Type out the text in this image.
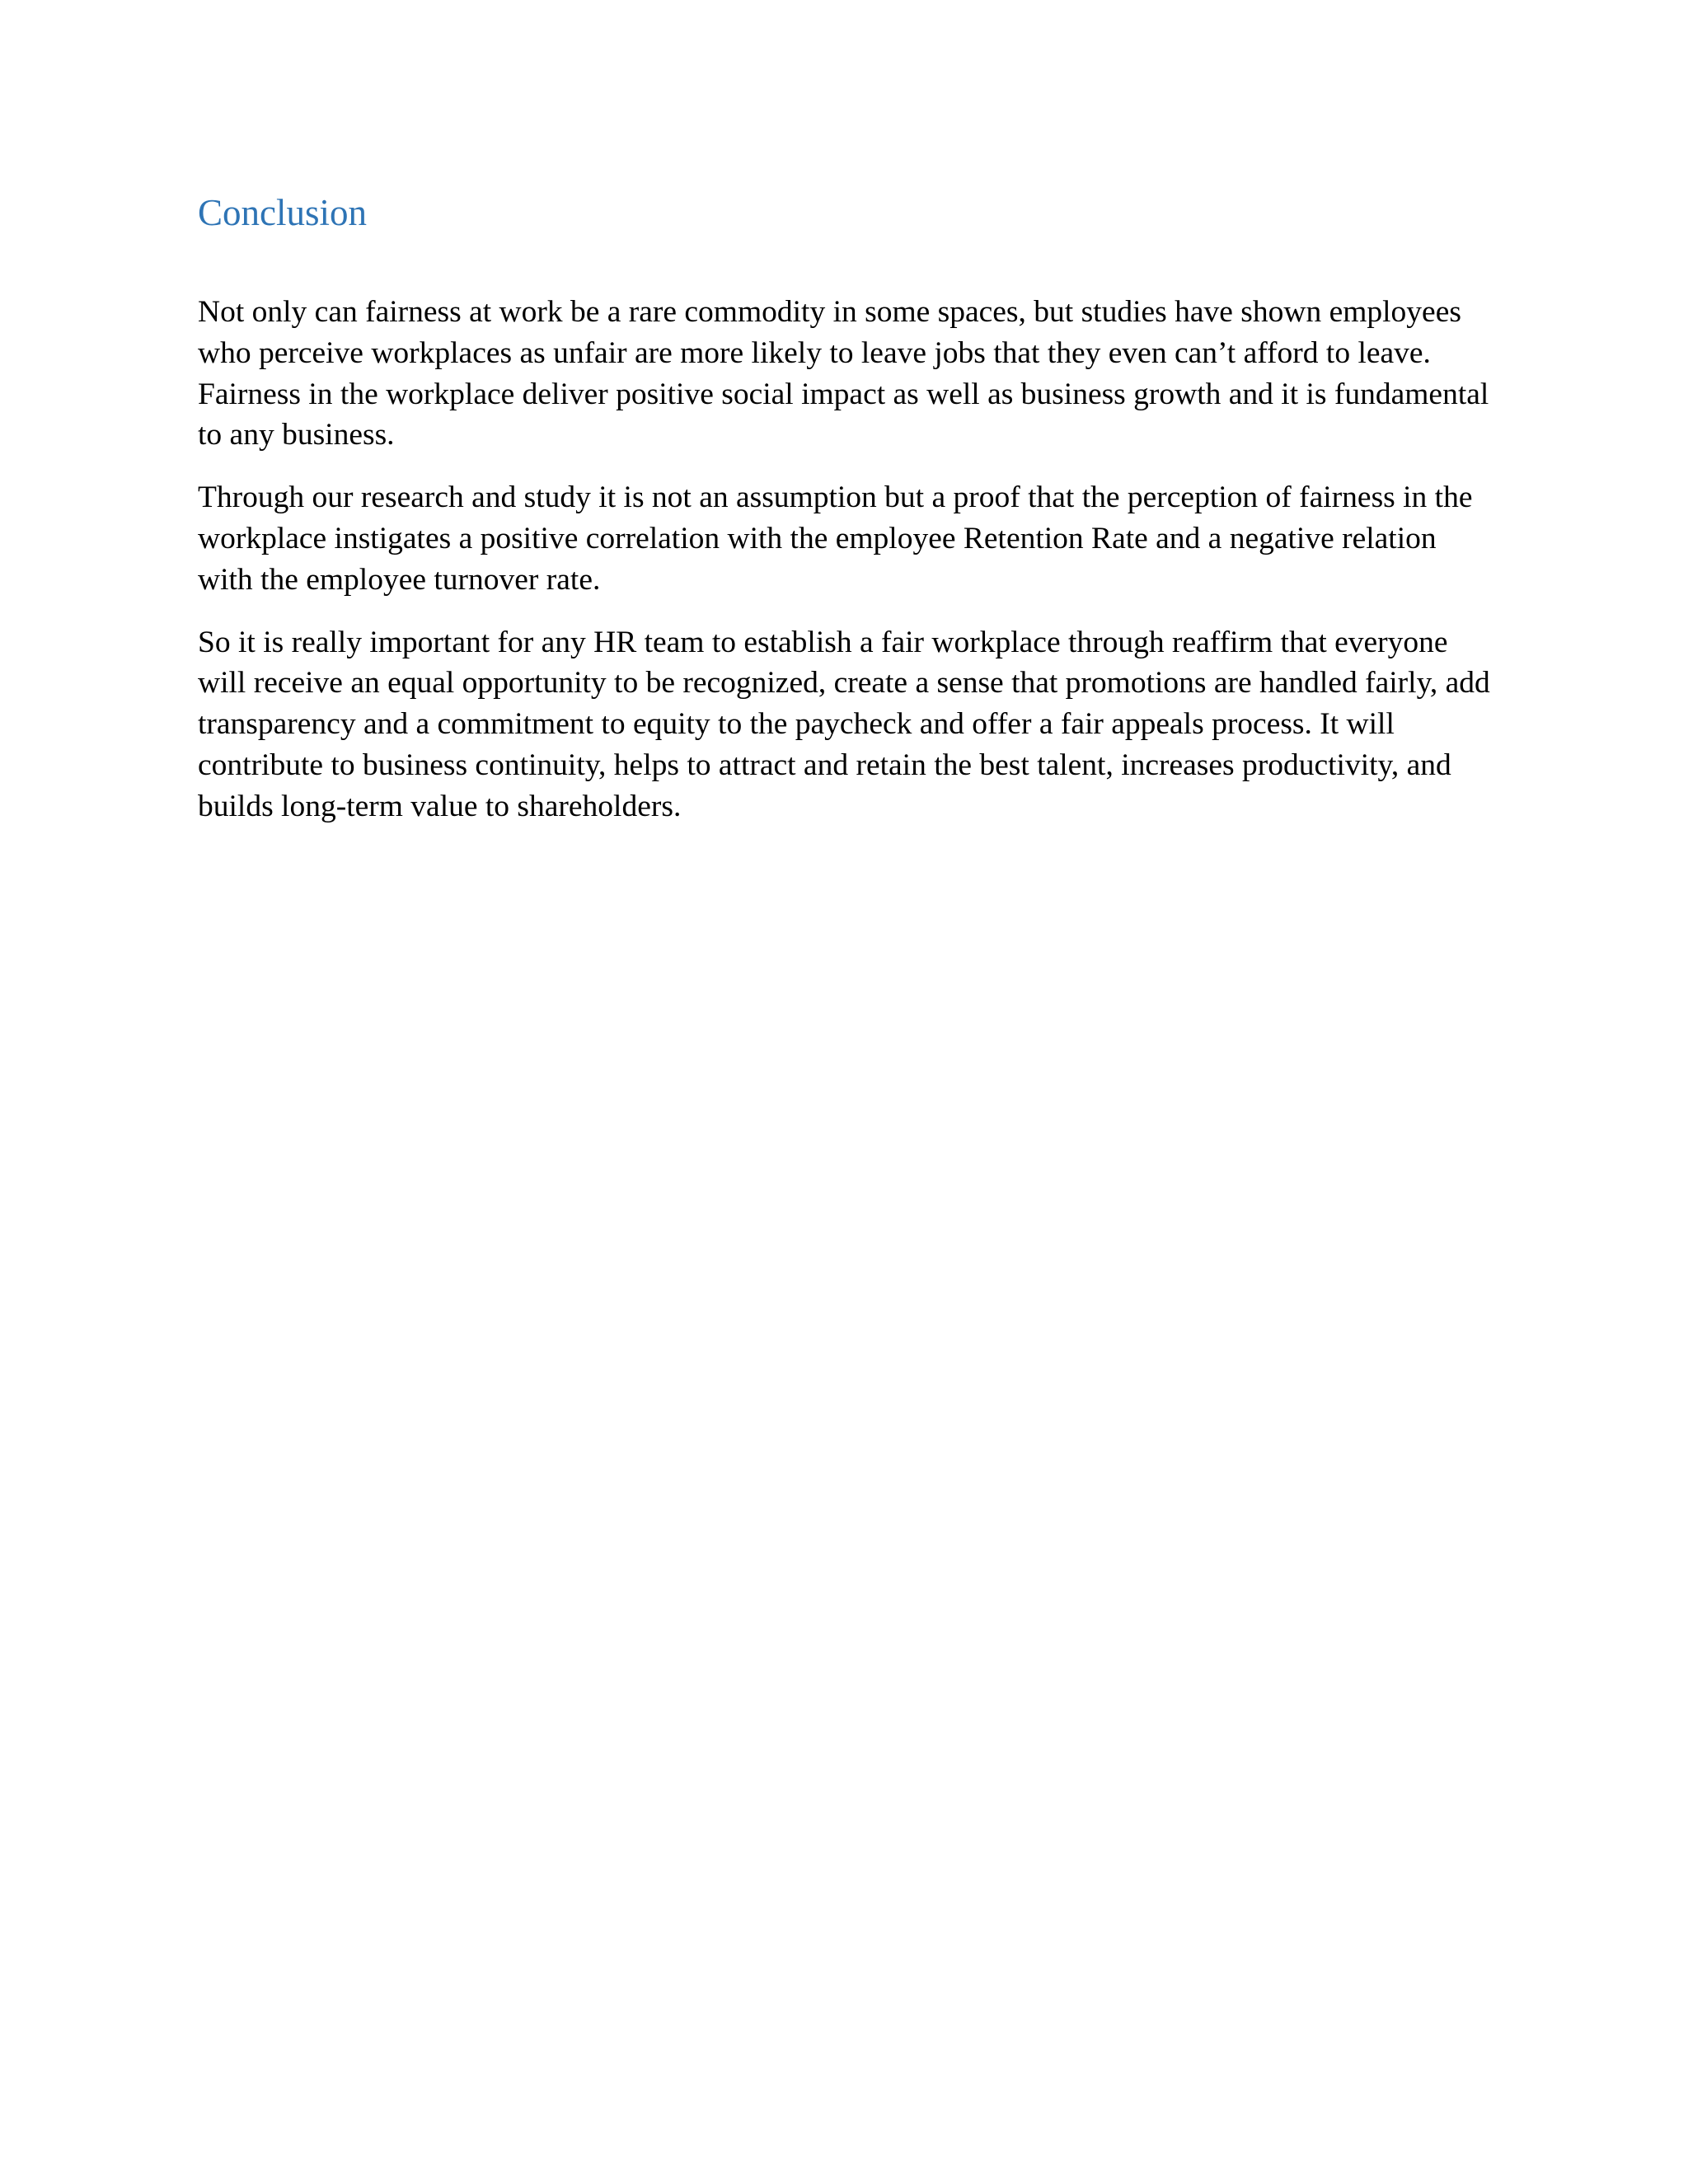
Conclusion

Not only can fairness at work be a rare commodity in some spaces, but studies have shown employees who perceive workplaces as unfair are more likely to leave jobs that they even can’t afford to leave. Fairness in the workplace deliver positive social impact as well as business growth and it is fundamental to any business.

Through our research and study it is not an assumption but a proof that the perception of fairness in the workplace instigates a positive correlation with the employee Retention Rate and a negative relation with the employee turnover rate.

So it is really important for any HR team to establish a fair workplace through reaffirm that everyone will receive an equal opportunity to be recognized, create a sense that promotions are handled fairly, add transparency and a commitment to equity to the paycheck and offer a fair appeals process. It will contribute to business continuity, helps to attract and retain the best talent, increases productivity, and builds long-term value to shareholders.
